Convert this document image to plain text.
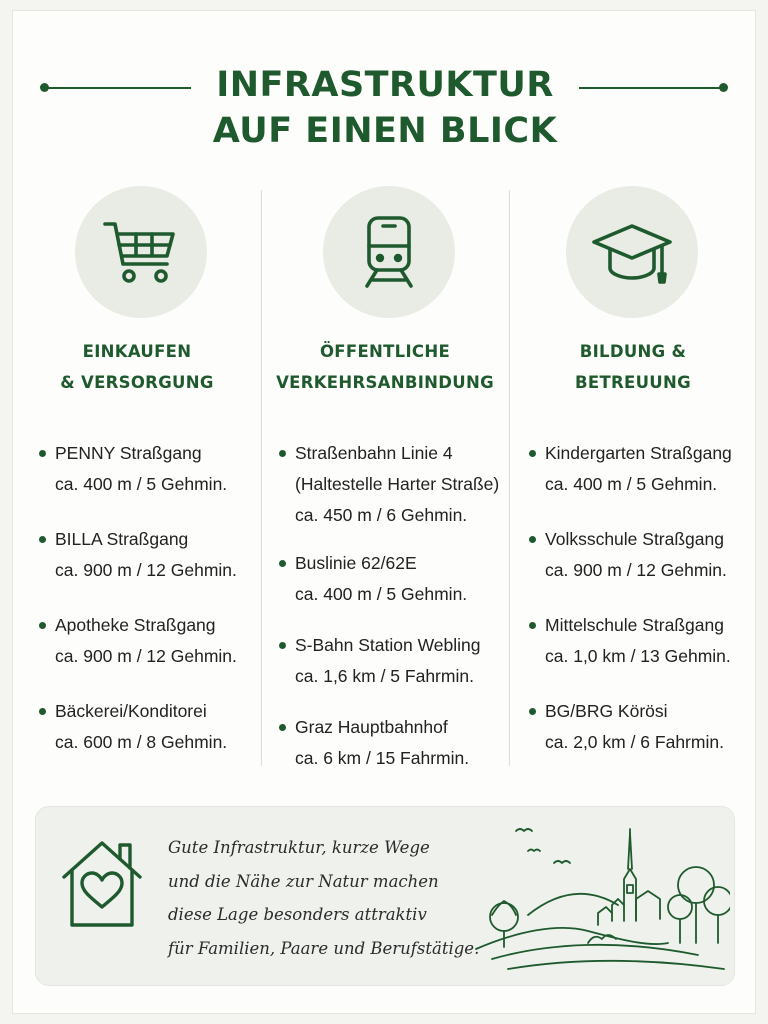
INFRASTRUKTUR
AUF EINEN BLICK
EINKAUFEN
& VERSORGUNG
PENNY Straßgang
ca. 400 m / 5 Gehmin.
BILLA Straßgang
ca. 900 m / 12 Gehmin.
Apotheke Straßgang
ca. 900 m / 12 Gehmin.
Bäckerei/Konditorei
ca. 600 m / 8 Gehmin.
ÖFFENTLICHE
VERKEHRSANBINDUNG
Straßenbahn Linie 4
(Haltestelle Harter Straße)
ca. 450 m / 6 Gehmin.
Buslinie 62/62E
ca. 400 m / 5 Gehmin.
S-Bahn Station Webling
ca. 1,6 km / 5 Fahrmin.
Graz Hauptbahnhof
ca. 6 km / 15 Fahrmin.
BILDUNG &
BETREUUNG
Kindergarten Straßgang
ca. 400 m / 5 Gehmin.
Volksschule Straßgang
ca. 900 m / 12 Gehmin.
Mittelschule Straßgang
ca. 1,0 km / 13 Gehmin.
BG/BRG Körösi
ca. 2,0 km / 6 Fahrmin.
Gute Infrastruktur, kurze Wege
und die Nähe zur Natur machen
diese Lage besonders attraktiv
für Familien, Paare und Berufstätige.
